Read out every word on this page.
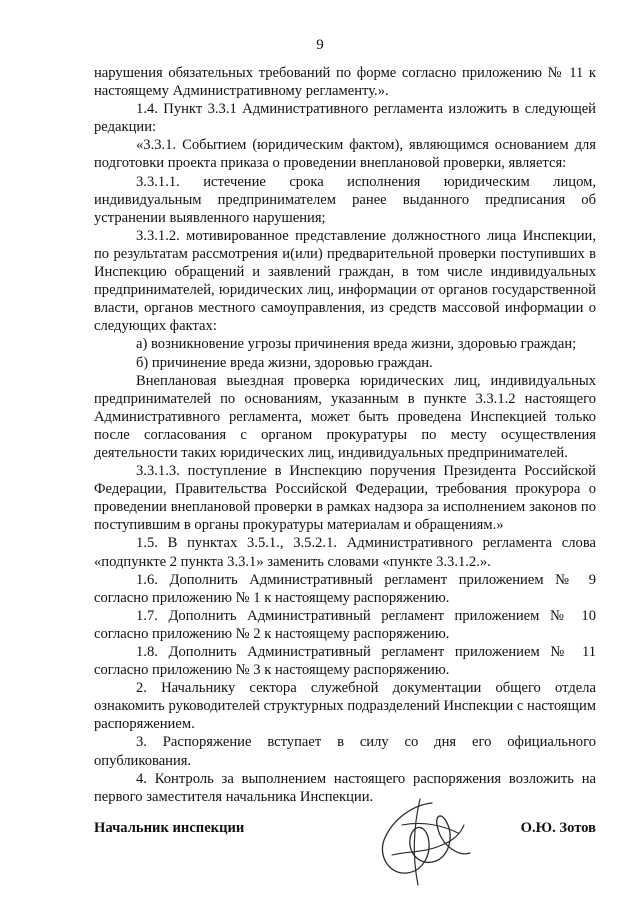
9

нарушения обязательных требований по форме согласно приложению № 11 к настоящему Административному регламенту.».

1.4. Пункт 3.3.1 Административного регламента изложить в следующей редакции:

«3.3.1. Событием (юридическим фактом), являющимся основанием для подготовки проекта приказа о проведении внеплановой проверки, является:

3.3.1.1. истечение срока исполнения юридическим лицом, индивидуальным предпринимателем ранее выданного предписания об устранении выявленного нарушения;

3.3.1.2. мотивированное представление должностного лица Инспекции, по результатам рассмотрения и(или) предварительной проверки поступивших в Инспекцию обращений и заявлений граждан, в том числе индивидуальных предпринимателей, юридических лиц, информации от органов государственной власти, органов местного самоуправления, из средств массовой информации о следующих фактах:

а) возникновение угрозы причинения вреда жизни, здоровью граждан;

б) причинение вреда жизни, здоровью граждан.

Внеплановая выездная проверка юридических лиц, индивидуальных предпринимателей по основаниям, указанным в пункте 3.3.1.2 настоящего Административного регламента, может быть проведена Инспекцией только после согласования с органом прокуратуры по месту осуществления деятельности таких юридических лиц, индивидуальных предпринимателей.

3.3.1.3. поступление в Инспекцию поручения Президента Российской Федерации, Правительства Российской Федерации, требования прокурора о проведении внеплановой проверки в рамках надзора за исполнением законов по поступившим в органы прокуратуры материалам и обращениям.»

1.5. В пунктах 3.5.1., 3.5.2.1. Административного регламента слова «подпункте 2 пункта 3.3.1» заменить словами «пункте 3.3.1.2.».

1.6. Дополнить Административный регламент приложением № 9 согласно приложению № 1 к настоящему распоряжению.

1.7. Дополнить Административный регламент приложением № 10 согласно приложению № 2 к настоящему распоряжению.

1.8. Дополнить Административный регламент приложением № 11 согласно приложению № 3 к настоящему распоряжению.

2. Начальнику сектора служебной документации общего отдела ознакомить руководителей структурных подразделений Инспекции с настоящим распоряжением.

3. Распоряжение вступает в силу со дня его официального опубликования.

4. Контроль за выполнением настоящего распоряжения возложить на первого заместителя начальника Инспекции.

Начальник инспекции	О.Ю. Зотов
